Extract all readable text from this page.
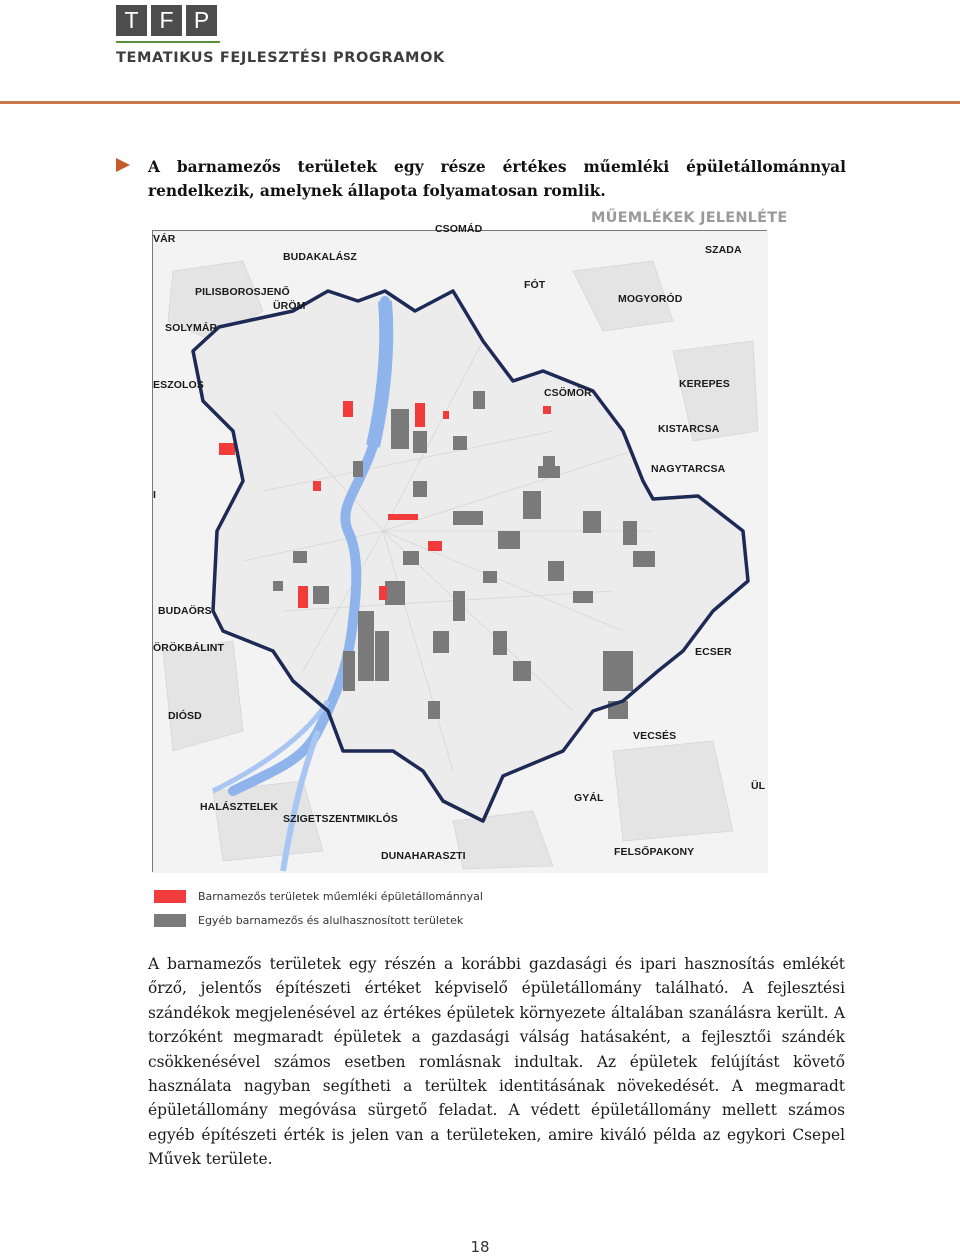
T F P
TEMATIKUS FEJLESZTÉSI PROGRAMOK
A barnamezős területek egy része értékes műemléki épületállománnyal rendelkezik, amelynek állapota folyamatosan romlik.
MŰEMLÉKEK JELENLÉTE
VÁR
CSOMÁD
BUDAKALÁSZ
SZADA
PILISBOROSJENŐ
ÜRÖM
FÓT
MOGYORÓD
SOLYMÁR
ESZOLOS
CSÖMÖR
KEREPES
KISTARCSA
NAGYTARCSA
I
BUDAÖRS
ÖRÖKBÁLINT	ECSER
DIÓSD
VECSÉS
ÜL
GYÁL
HALÁSZTELEK
SZIGETSZENTMIKLÓS
FELSŐPAKONY
DUNAHARASZTI
Barnamezős területek műemléki épületállománnyal
Egyéb barnamezős és alulhasznosított területek

A barnamezős területek egy részén a korábbi gazdasági és ipari hasznosítás emlékét őrző, jelentős építészeti értéket képviselő épületállomány található. A fejlesztési szándékok megjelenésével az értékes épületek környezete általában szanálásra került. A torzóként megmaradt épületek a gazdasági válság hatásaként, a fejlesztői szándék csökkenésével számos esetben romlásnak indultak. Az épületek felújítást követő használata nagyban segítheti a terültek identitásának növekedését. A megmaradt épületállomány megóvása sürgető feladat. A védett épületállomány mellett számos egyéb építészeti érték is jelen van a területeken, amire kiváló példa az egykori Csepel Művek területe.

18
